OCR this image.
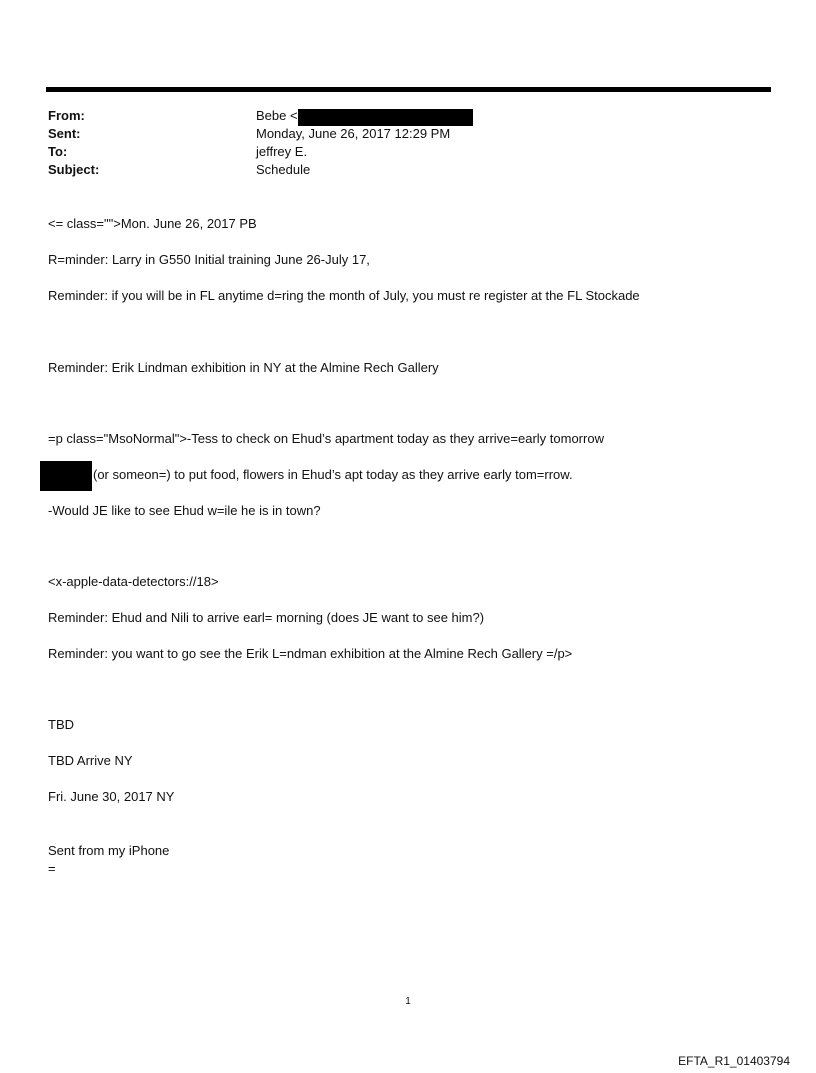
From:	Bebe <
Sent:	Monday, June 26, 2017 12:29 PM
To:	jeffrey E.
Subject:	Schedule
<= class="">Mon. June 26, 2017 PB
R=minder: Larry in G550 Initial training June 26-July 17,
Reminder: if you will be in FL anytime d=ring the month of July, you must re register at the FL Stockade
Reminder: Erik Lindman exhibition in NY at the Almine Rech Gallery
=p class="MsoNormal">-Tess to check on Ehud’s apartment today as they arrive=early tomorrow
(or someon=) to put food, flowers in Ehud’s apt today as they arrive early tom=rrow.
-Would JE like to see Ehud w=ile he is in town?
<x-apple-data-detectors://18>
Reminder: Ehud and Nili to arrive earl= morning (does JE want to see him?)
Reminder: you want to go see the Erik L=ndman exhibition at the Almine Rech Gallery =/p>
TBD
TBD Arrive NY
Fri. June 30, 2017 NY
Sent from my iPhone
=
1
EFTA_R1_01403794
